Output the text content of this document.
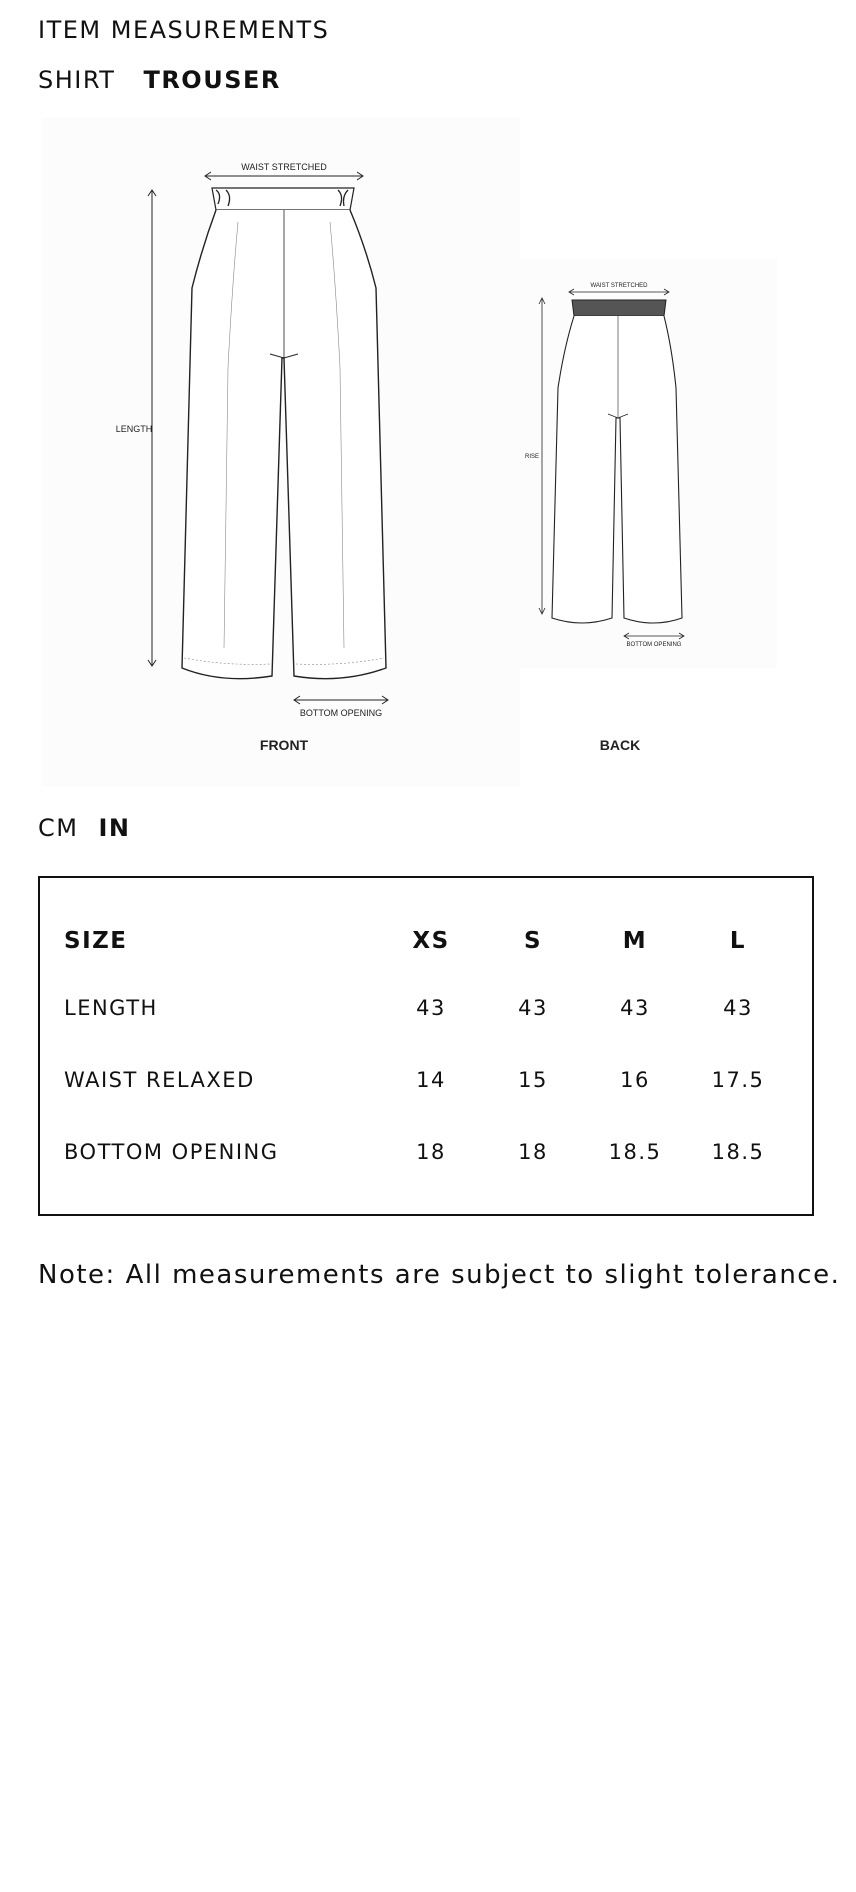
ITEM MEASUREMENTS
SHIRT TROUSER
WAIST STRETCHED
LENGTH
BOTTOM OPENING
WAIST STRETCHED
RISE
BOTTOM OPENING
FRONT	BACK
CM IN
SIZE	XS	S	M	L
LENGTH	43	43	43	43
WAIST RELAXED	14	15	16	17.5
BOTTOM OPENING	18	18	18.5	18.5

Note: All measurements are subject to slight tolerance.
